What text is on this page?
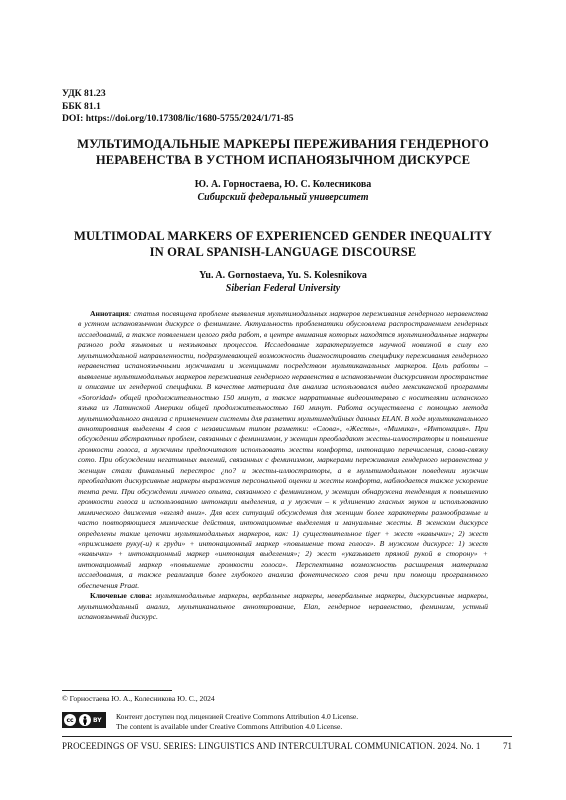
УДК 81.23
ББК 81.1
DOI: https://doi.org/10.17308/lic/1680-5755/2024/1/71-85
МУЛЬТИМОДАЛЬНЫЕ МАРКЕРЫ ПЕРЕЖИВАНИЯ ГЕНДЕРНОГО
НЕРАВЕНСТВА В УСТНОМ ИСПАНОЯЗЫЧНОМ ДИСКУРСЕ
Ю. А. Горностаева, Ю. С. Колесникова
Сибирский федеральный университет
MULTIMODAL MARKERS OF EXPERIENCED GENDER INEQUALITY
IN ORAL SPANISH-LANGUAGE DISCOURSE
Yu. A. Gornostaeva, Yu. S. Kolesnikova
Siberian Federal University

Аннотация: статья посвящена проблеме выявления мультимодальных маркеров переживания гендерного неравенства в устном испаноязычном дискурсе о феминизме. Актуальность проблематики обусловлена распространением гендерных исследований, а также появлением целого ряда работ, в центре внимания которых находятся мультимодальные маркеры разного рода языковых и неязыковых процессов. Исследование характеризуется научной новизной в силу его мультимодальной направленности, подразумевающей возможность диагностировать специфику переживания гендерного неравенства испаноязычными мужчинами и женщинами посредством мультиканальных маркеров. Цель работы – выявление мультимодальных маркеров переживания гендерного неравенства в испаноязычном дискурсивном пространстве и описание их гендерной специфики. В качестве материала для анализа использовался видео мексиканской программы «Sororidad» общей продолжительностью 150 минут, а также нарративные видеоинтервью с носителями испанского языка из Латинской Америки общей продолжительностью 160 минут. Работа осуществлена с помощью метода мультимодального анализа с применением системы для разметки мультимедийных данных ELAN. В ходе мультиканального аннотирования выделены 4 слоя с независимым типом разметки: «Слова», «Жесты», «Мимика», «Интонация». При обсуждении абстрактных проблем, связанных с феминизмом, у женщин преобладают жесты-иллюстраторы и повышение громкости голоса, а мужчины предпочитают использовать жесты комфорта, интонацию перечисления, слова-связку соmo. При обсуждении негативных явлений, связанных с феминизмом, маркерами переживания гендерного неравенства у женщин стали финальный перестрос ¿no? и жесты-иллюстраторы, а в мультимодальном поведении мужчин преобладают дискурсивные маркеры выражения персональной оценки и жесты комфорта, наблюдается также ускорение темпа речи. При обсуждении личного опыта, связанного с феминизмом, у женщин обнаружена тенденция к повышению громкости голоса и использованию интонации выделения, а у мужчин – к удлинению гласных звуков и использованию мимического движения «взгляд вниз». Для всех ситуаций обсуждения для женщин более характерны разнообразные и часто повторяющиеся мимические действия, интонационные выделения и мануальные жесты. В женском дискурсе определены такие цепочки мультимодальных маркеров, как: 1) существительное tiger + жест «кавычки»; 2) жест «прижимает руку(-и) к груди» + интонационный маркер «повышение тона голоса». В мужском дискурсе: 1) жест «кавычки» + интонационный маркер «интонация выделения»; 2) жест «указывает прямой рукой в сторону» + интонационный маркер «повышение громкости голоса». Перспективна возможность расширения материала исследования, а также реализация более глубокого анализа фонетического слоя речи при помощи программного обеспечения Praat.

Ключевые слова: мультимодальные маркеры, вербальные маркеры, невербальные маркеры, дискурсивные маркеры, мультимодальный анализ, мультиканальное аннотирование, Elan, гендерное неравенство, феминизм, устный испаноязычный дискурс.

© Горностаева Ю. А., Колесникова Ю. С., 2024
cc	BY Контент доступен под лицензией Creative Commons Attribution 4.0 License.
The content is available under Creative Commons Attribution 4.0 License.
PROCEEDINGS OF VSU. SERIES: LINGUISTICS AND INTERCULTURAL COMMUNICATION. 2024. No. 1	71
